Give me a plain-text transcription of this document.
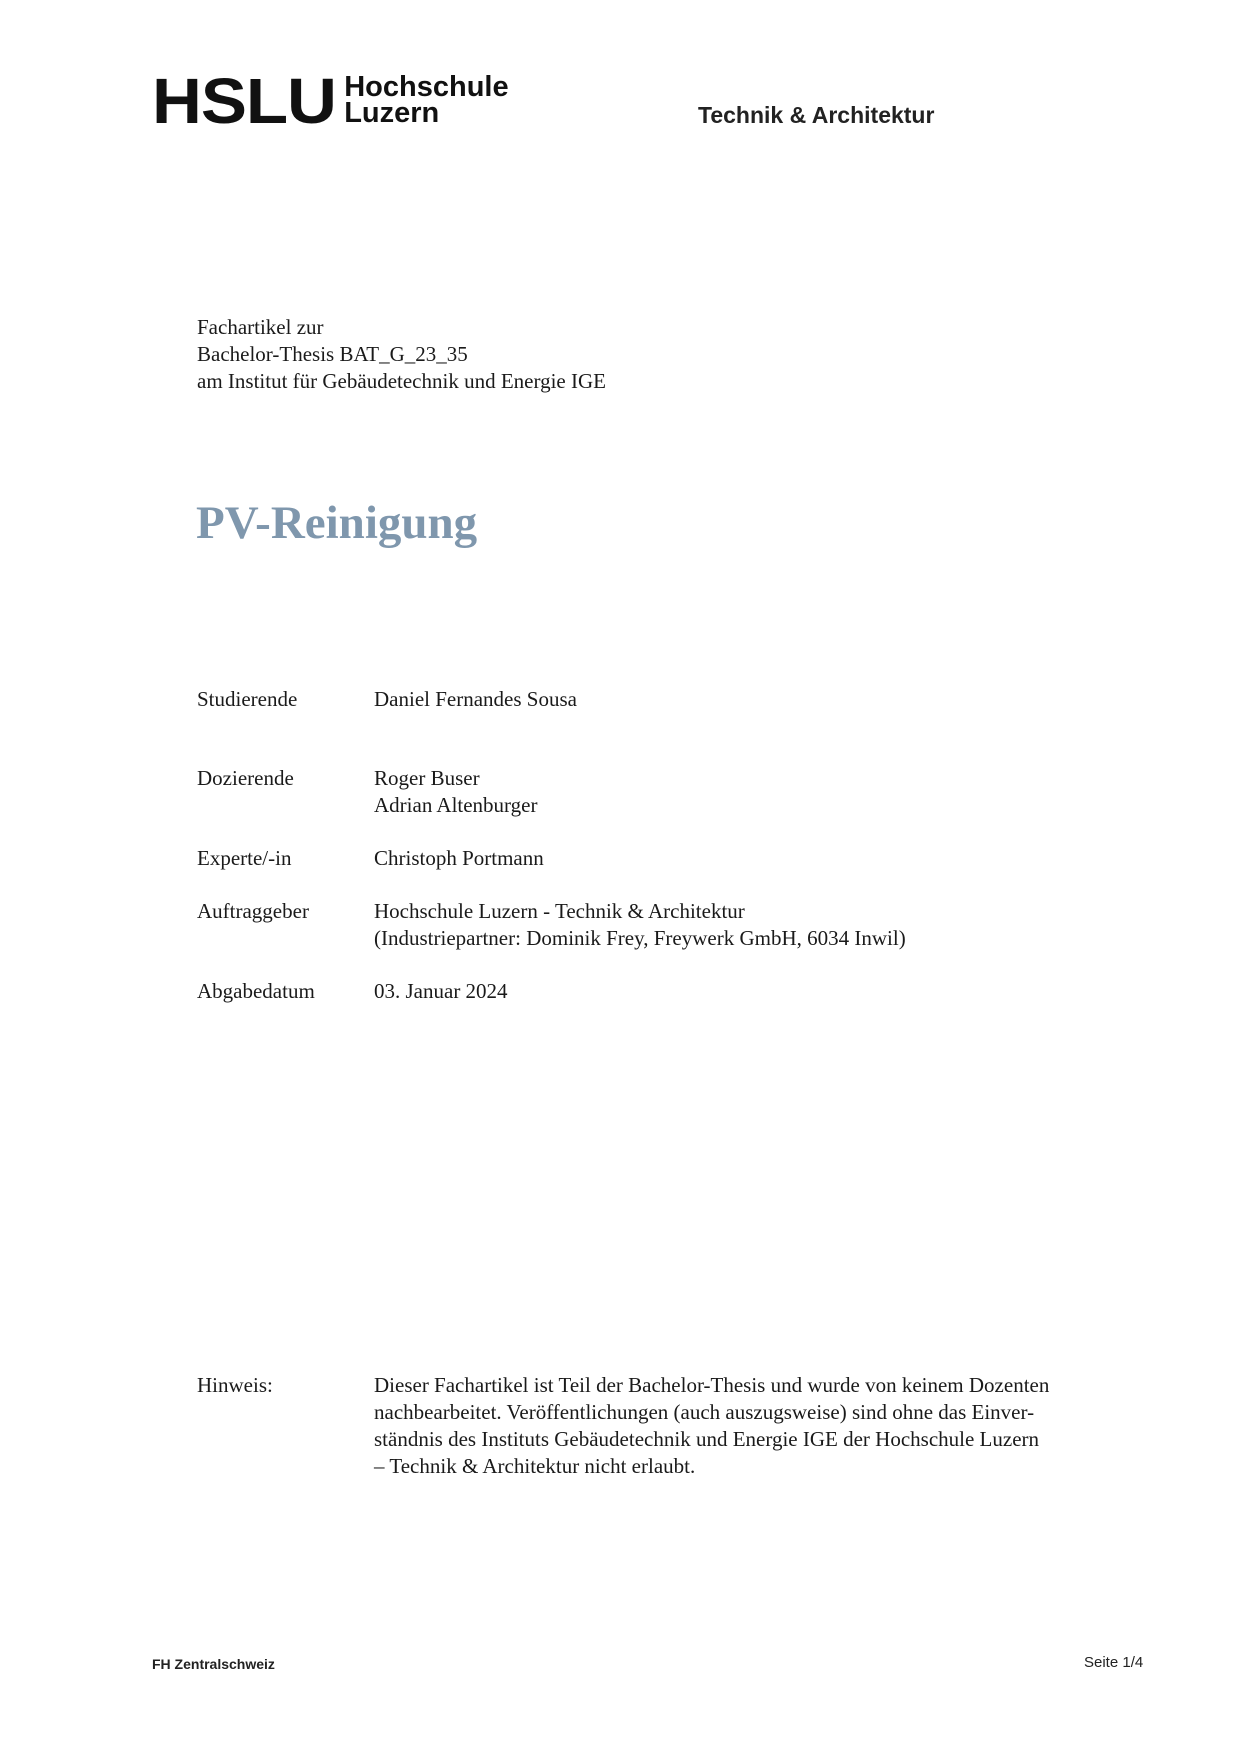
HSLU Hochschule
Luzern	Technik & Architektur
Fachartikel zur
Bachelor-Thesis BAT_G_23_35
am Institut für Gebäudetechnik und Energie IGE
PV-Reinigung
Studierende	Daniel Fernandes Sousa
Dozierende	Roger Buser
Adrian Altenburger
Experte/-in	Christoph Portmann
Auftraggeber	Hochschule Luzern - Technik & Architektur
(Industriepartner: Dominik Frey, Freywerk GmbH, 6034 Inwil)
Abgabedatum	03. Januar 2024
Hinweis:	Dieser Fachartikel ist Teil der Bachelor-Thesis und wurde von keinem Dozenten
nachbearbeitet. Veröffentlichungen (auch auszugsweise) sind ohne das Einver-
ständnis des Instituts Gebäudetechnik und Energie IGE der Hochschule Luzern
– Technik & Architektur nicht erlaubt.
FH Zentralschweiz	Seite 1/4
